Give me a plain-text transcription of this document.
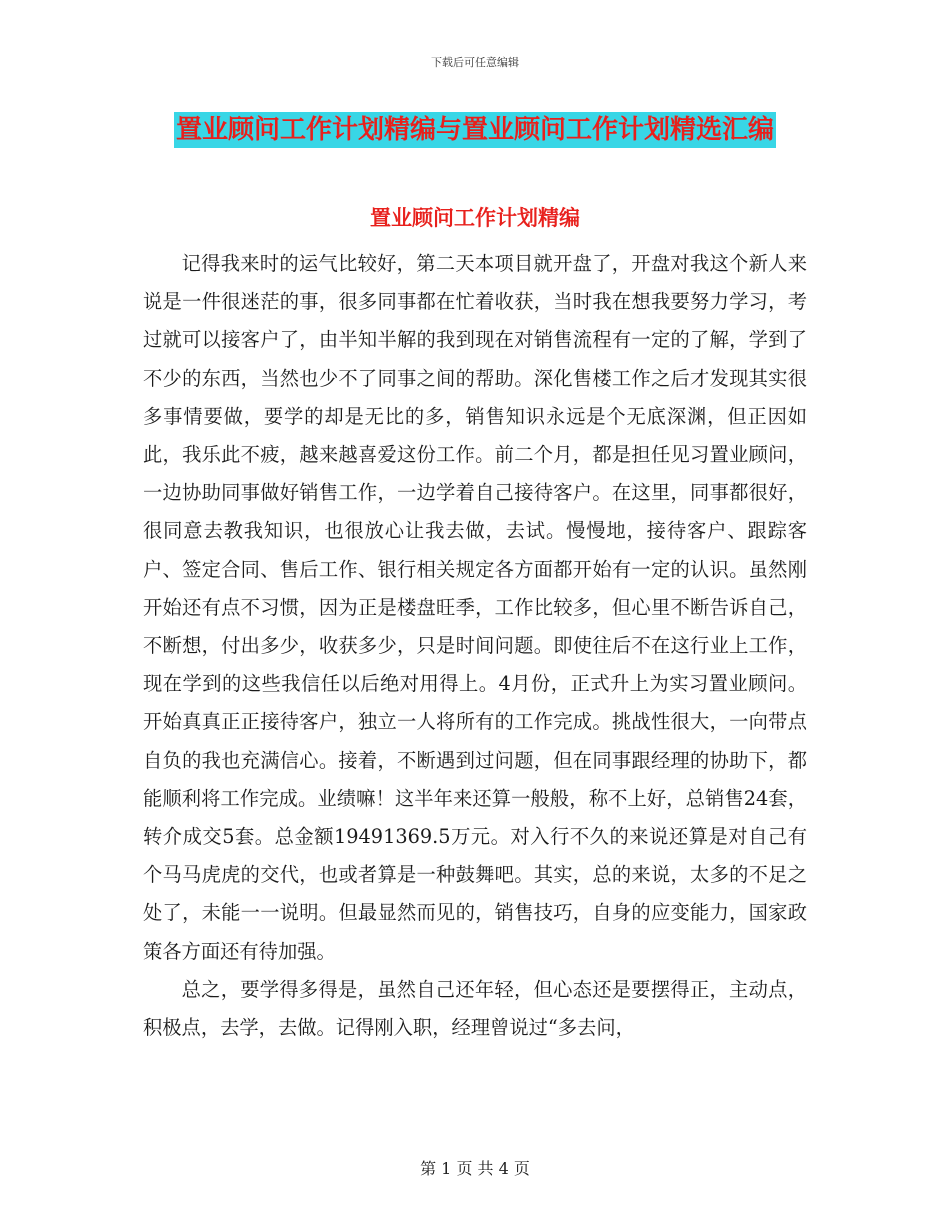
下载后可任意编辑
置业顾问工作计划精编与置业顾问工作计划精选汇编
置业顾问工作计划精编

记得我来时的运气比较好，第二天本项目就开盘了，开盘对我这个新人来说是一件很迷茫的事，很多同事都在忙着收获，当时我在想我要努力学习，考过就可以接客户了，由半知半解的我到现在对销售流程有一定的了解，学到了不少的东西，当然也少不了同事之间的帮助。深化售楼工作之后才发现其实很多事情要做，要学的却是无比的多，销售知识永远是个无底深渊，但正因如此，我乐此不疲，越来越喜爱这份工作。前二个月，都是担任见习置业顾问，一边协助同事做好销售工作，一边学着自己接待客户。在这里，同事都很好，很同意去教我知识，也很放心让我去做，去试。慢慢地，接待客户、跟踪客户、签定合同、售后工作、银行相关规定各方面都开始有一定的认识。虽然刚开始还有点不习惯，因为正是楼盘旺季，工作比较多，但心里不断告诉自己，不断想，付出多少，收获多少，只是时间问题。即使往后不在这行业上工作，现在学到的这些我信任以后绝对用得上。4月份，正式升上为实习置业顾问。开始真真正正接待客户，独立一人将所有的工作完成。挑战性很大，一向带点自负的我也充满信心。接着，不断遇到过问题，但在同事跟经理的协助下，都能顺利将工作完成。业绩嘛！这半年来还算一般般，称不上好，总销售24套，转介成交5套。总金额19491369.5万元。对入行不久的来说还算是对自己有个马马虎虎的交代，也或者算是一种鼓舞吧。其实，总的来说，太多的不足之处了，未能一一说明。但最显然而见的，销售技巧，自身的应变能力，国家政策各方面还有待加强。

总之，要学得多得是，虽然自己还年轻，但心态还是要摆得正，主动点，积极点，去学，去做。记得刚入职，经理曾说过“多去问，

第 1 页 共 4 页
